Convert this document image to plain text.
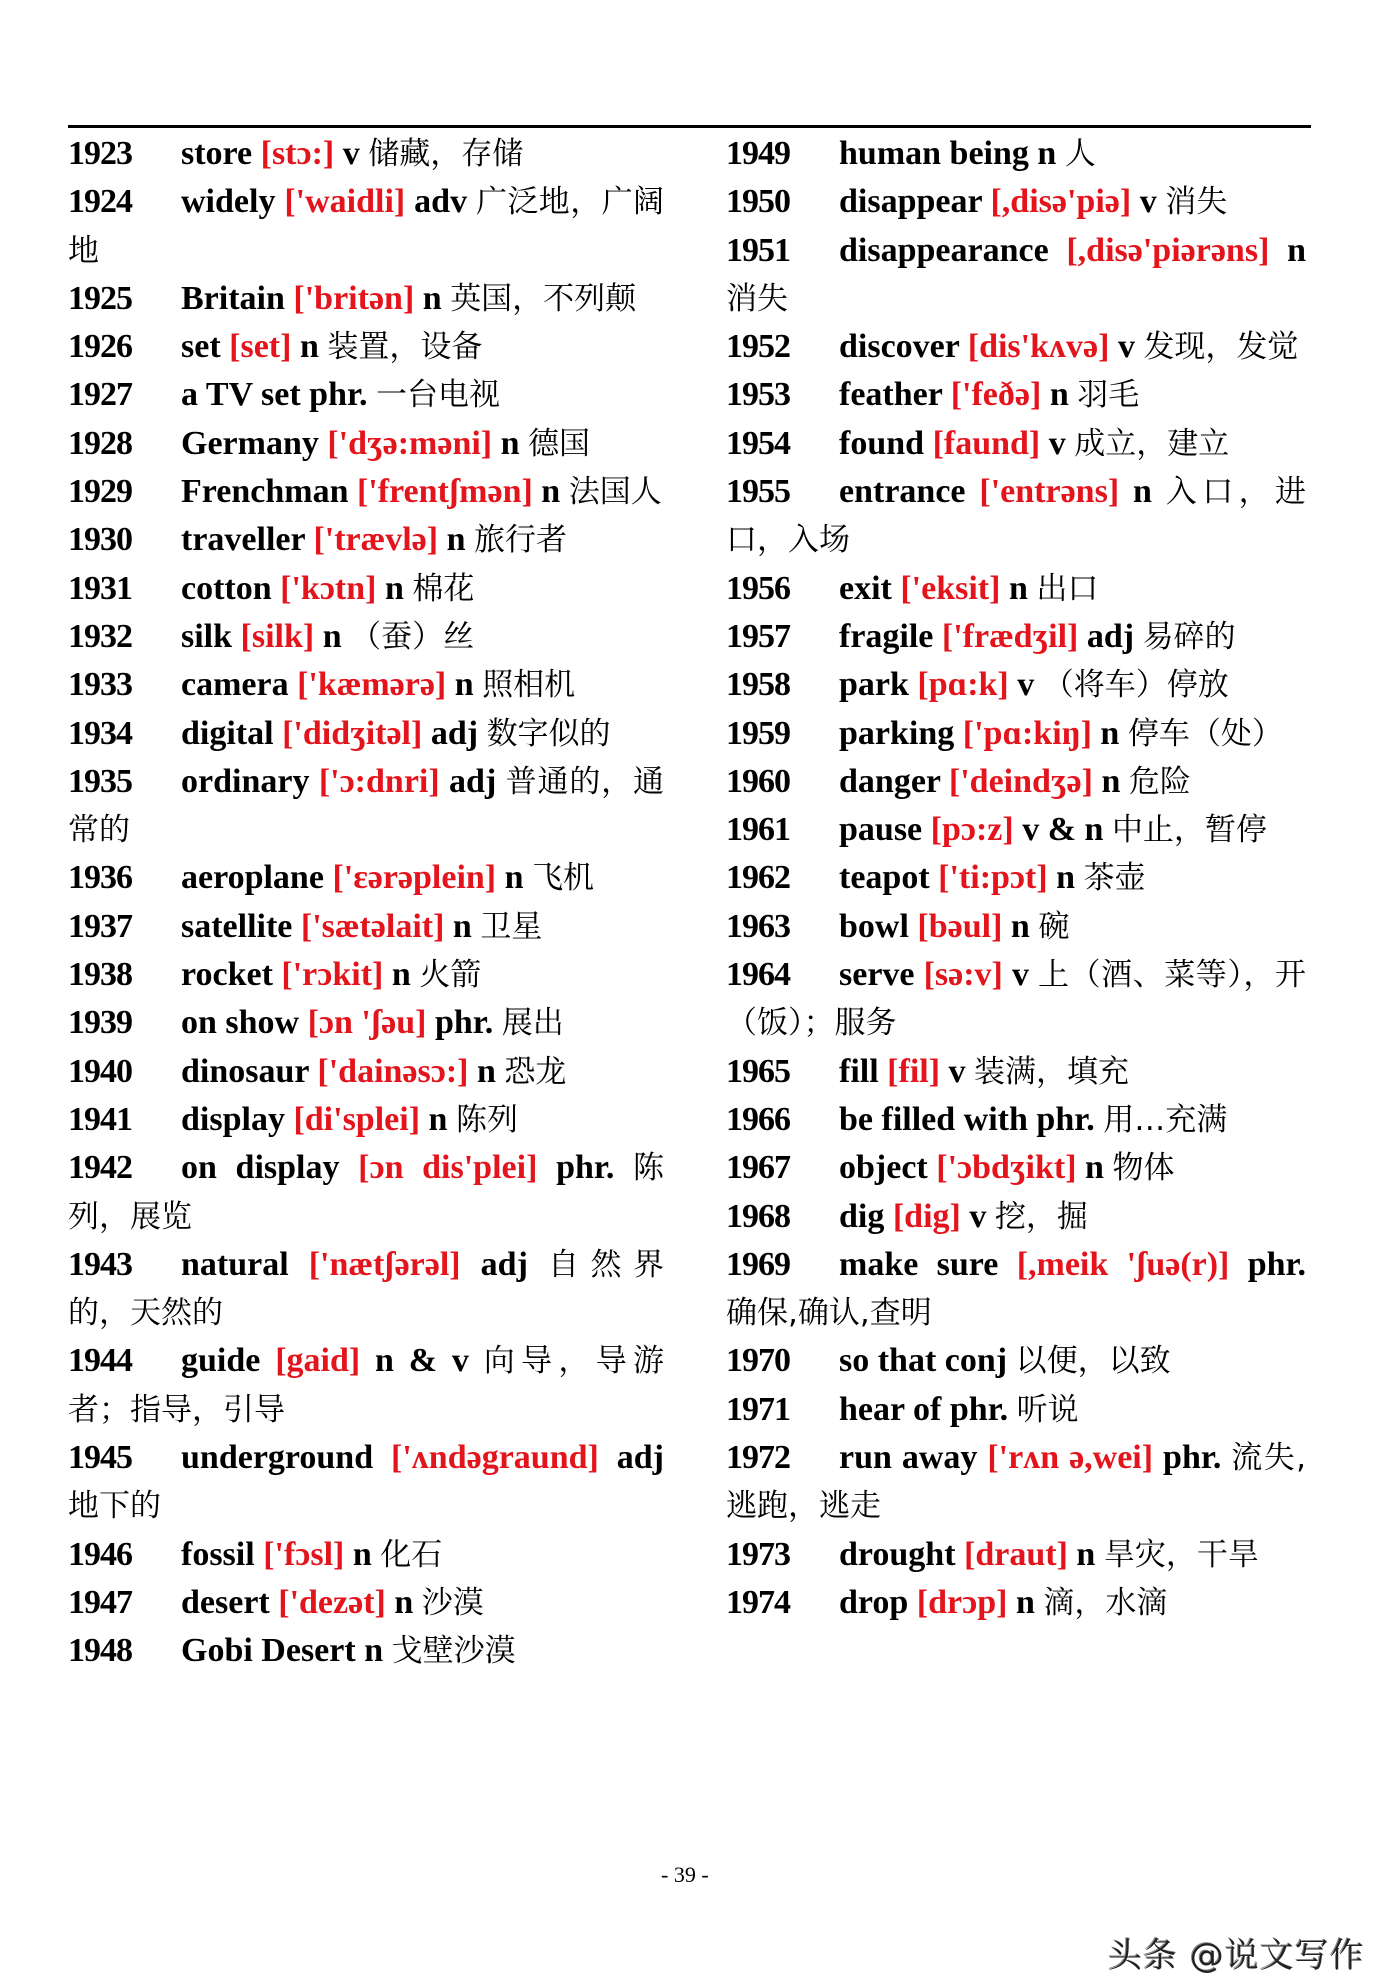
1923 store [stɔ:] v 储藏，存储

1924 widely ['waidli] adv 广泛地，广阔地

1925 Britain ['britən] n 英国，不列颠

1926 set [set] n 装置，设备

1927 a TV set phr. 一台电视

1928 Germany ['dʒə:məni] n 德国

1929 Frenchman ['frentʃmən] n 法国人

1930 traveller ['trævlə] n 旅行者

1931 cotton ['kɔtn] n 棉花

1932 silk [silk] n （蚕）丝

1933 camera ['kæmərə] n 照相机

1934 digital ['didʒitəl] adj 数字似的

1935 ordinary ['ɔ:dnri] adj 普通的，通常的

1936 aeroplane ['ɛərəplein] n 飞机

1937 satellite ['sætəlait] n 卫星

1938 rocket ['rɔkit] n 火箭

1939 on show [ɔn 'ʃəu] phr. 展出

1940 dinosaur ['dainəsɔ:] n 恐龙

1941 display [di'splei] n 陈列

1942 on display [ɔn dis'plei] phr. 陈列，展览

1943 natural ['nætʃərəl] adj 自然界的，天然的

1944 guide [gaid] n & v 向导，导游者；指导，引导

1945 underground ['ʌndəgraund] adj 地下的

1946 fossil ['fɔsl] n 化石

1947 desert ['dezət] n 沙漠

1948 Gobi Desert n 戈壁沙漠

1949 human being n 人

1950 disappear [,disə'piə] v 消失

1951 disappearance [,disə'piərəns] n 消失

1952 discover [dis'kʌvə] v 发现，发觉

1953 feather ['feðə] n 羽毛

1954 found [faund] v 成立，建立

1955 entrance ['entrəns] n 入口，进口，入场

1956 exit ['eksit] n 出口

1957 fragile ['frædʒil] adj 易碎的

1958 park [pɑ:k] v （将车）停放

1959 parking ['pɑ:kiŋ] n 停车（处）

1960 danger ['deindʒə] n 危险

1961 pause [pɔ:z] v & n 中止，暂停

1962 teapot ['ti:pɔt] n 茶壶

1963 bowl [bəul] n 碗

1964 serve [sə:v] v 上（酒、菜等），开（饭）；服务

1965 fill [fil] v 装满，填充

1966 be filled with phr. 用…充满

1967 object ['ɔbdʒikt] n 物体

1968 dig [dig] v 挖，掘

1969 make sure [,meik 'ʃuə(r)] phr. 确保,确认,查明

1970 so that conj 以便，以致

1971 hear of phr. 听说

1972 run away ['rʌn ə,wei] phr. 流失,逃跑，逃走

1973 drought [draut] n 旱灾，干旱

1974 drop [drɔp] n 滴，水滴

- 39 -
头条 @说文写作
